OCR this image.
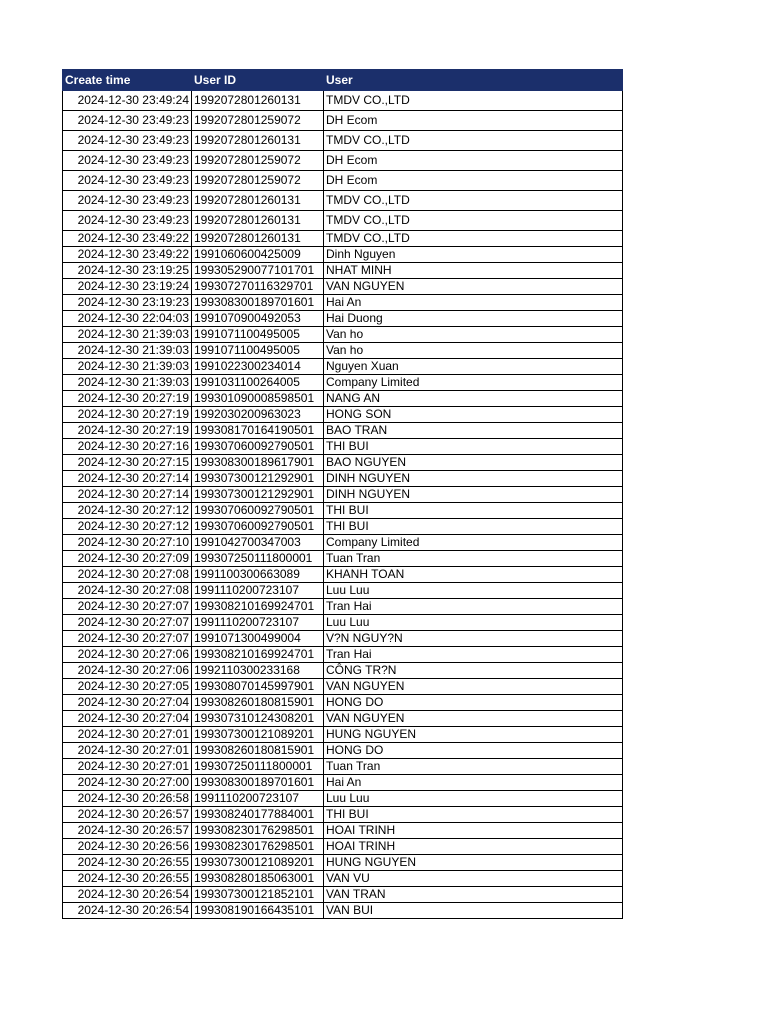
Create time	User ID	User
2024-12-30 23:49:24	1992072801260131	TMDV CO.,LTD
2024-12-30 23:49:23	1992072801259072	DH Ecom
2024-12-30 23:49:23	1992072801260131	TMDV CO.,LTD
2024-12-30 23:49:23	1992072801259072	DH Ecom
2024-12-30 23:49:23	1992072801259072	DH Ecom
2024-12-30 23:49:23	1992072801260131	TMDV CO.,LTD
2024-12-30 23:49:23	1992072801260131	TMDV CO.,LTD
2024-12-30 23:49:22	1992072801260131	TMDV CO.,LTD
2024-12-30 23:49:22	1991060600425009	Dinh Nguyen
2024-12-30 23:19:25	199305290077101701	NHAT MINH
2024-12-30 23:19:24	199307270116329701	VAN NGUYEN
2024-12-30 23:19:23	199308300189701601	Hai An
2024-12-30 22:04:03	1991070900492053	Hai Duong
2024-12-30 21:39:03	1991071100495005	Van ho
2024-12-30 21:39:03	1991071100495005	Van ho
2024-12-30 21:39:03	1991022300234014	Nguyen Xuan
2024-12-30 21:39:03	1991031100264005	Company Limited
2024-12-30 20:27:19	199301090008598501	NANG AN
2024-12-30 20:27:19	1992030200963023	HONG SON
2024-12-30 20:27:19	199308170164190501	BAO TRAN
2024-12-30 20:27:16	199307060092790501	THI BUI
2024-12-30 20:27:15	199308300189617901	BAO NGUYEN
2024-12-30 20:27:14	199307300121292901	DINH NGUYEN
2024-12-30 20:27:14	199307300121292901	DINH NGUYEN
2024-12-30 20:27:12	199307060092790501	THI BUI
2024-12-30 20:27:12	199307060092790501	THI BUI
2024-12-30 20:27:10	1991042700347003	Company Limited
2024-12-30 20:27:09	199307250111800001	Tuan Tran
2024-12-30 20:27:08	1991100300663089	KHANH TOAN
2024-12-30 20:27:08	1991110200723107	Luu Luu
2024-12-30 20:27:07	199308210169924701	Tran Hai
2024-12-30 20:27:07	1991110200723107	Luu Luu
2024-12-30 20:27:07	1991071300499004	V?N NGUY?N
2024-12-30 20:27:06	199308210169924701	Tran Hai
2024-12-30 20:27:06	1992110300233168	CÔNG TR?N
2024-12-30 20:27:05	199308070145997901	VAN NGUYEN
2024-12-30 20:27:04	199308260180815901	HONG DO
2024-12-30 20:27:04	199307310124308201	VAN NGUYEN
2024-12-30 20:27:01	199307300121089201	HUNG NGUYEN
2024-12-30 20:27:01	199308260180815901	HONG DO
2024-12-30 20:27:01	199307250111800001	Tuan Tran
2024-12-30 20:27:00	199308300189701601	Hai An
2024-12-30 20:26:58	1991110200723107	Luu Luu
2024-12-30 20:26:57	199308240177884001	THI BUI
2024-12-30 20:26:57	199308230176298501	HOAI TRINH
2024-12-30 20:26:56	199308230176298501	HOAI TRINH
2024-12-30 20:26:55	199307300121089201	HUNG NGUYEN
2024-12-30 20:26:55	199308280185063001	VAN VU
2024-12-30 20:26:54	199307300121852101	VAN TRAN
2024-12-30 20:26:54	199308190166435101	VAN BUI
